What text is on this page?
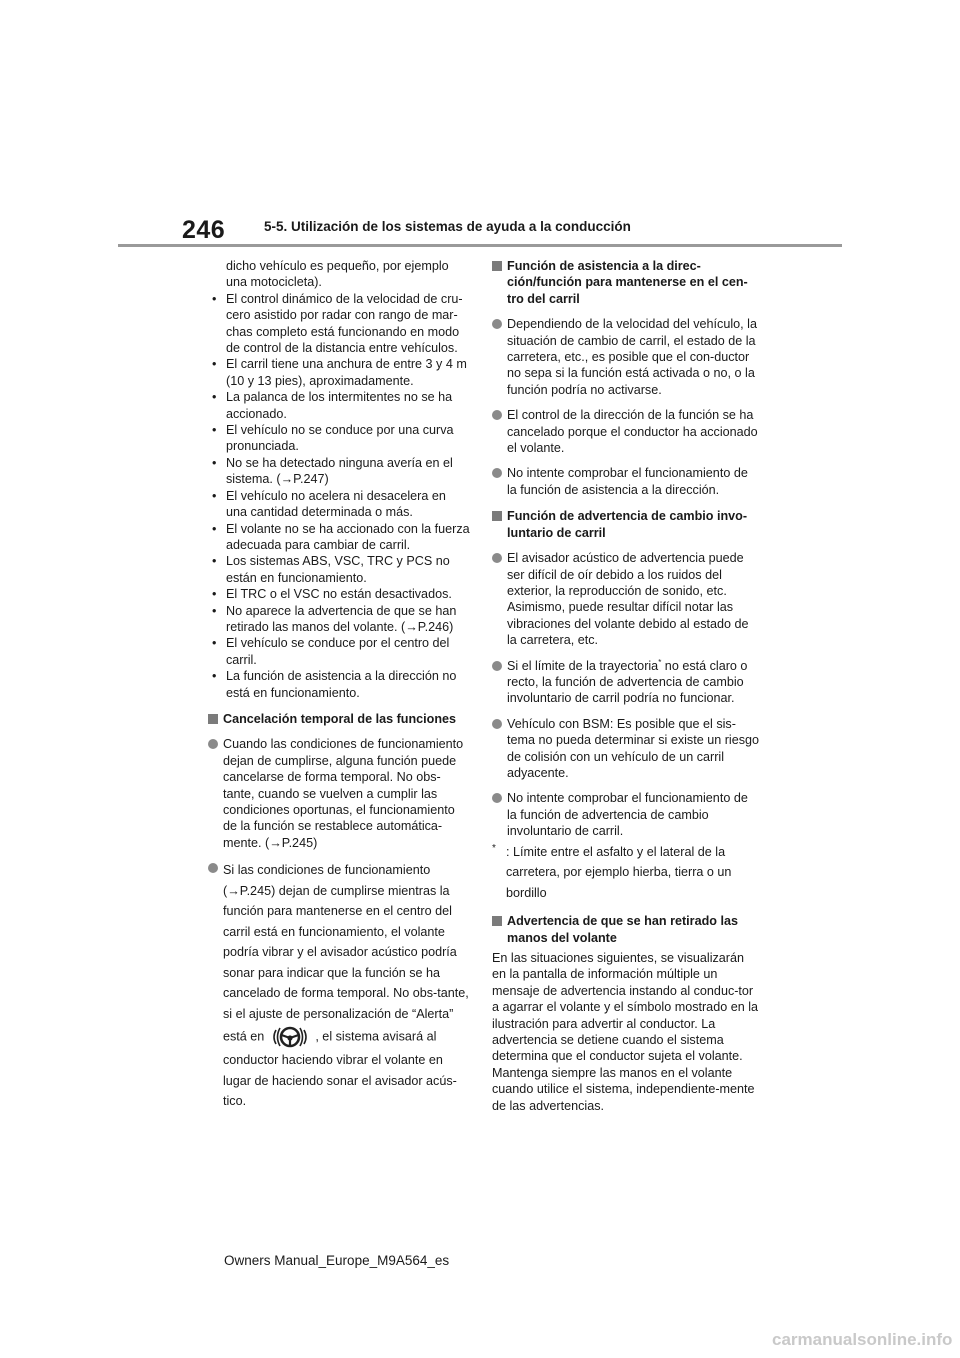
246	5-5. Utilización de los sistemas de ayuda a la conducción
dicho vehículo es pequeño, por ejemplo una motocicleta).
• El control dinámico de la velocidad de cru-cero asistido por radar con rango de mar-chas completo está funcionando en modo de control de la distancia entre vehículos.
• El carril tiene una anchura de entre 3 y 4 m (10 y 13 pies), aproximadamente.
• La palanca de los intermitentes no se ha accionado.
• El vehículo no se conduce por una curva pronunciada.
• No se ha detectado ninguna avería en el sistema. (→P.247)
• El vehículo no acelera ni desacelera en una cantidad determinada o más.
• El volante no se ha accionado con la fuerza adecuada para cambiar de carril.
• Los sistemas ABS, VSC, TRC y PCS no están en funcionamiento.
• El TRC o el VSC no están desactivados.
• No aparece la advertencia de que se han retirado las manos del volante. (→P.246)
• El vehículo se conduce por el centro del carril.
• La función de asistencia a la dirección no está en funcionamiento.
Cancelación temporal de las funciones
Cuando las condiciones de funcionamiento dejan de cumplirse, alguna función puede cancelarse de forma temporal. No obs-tante, cuando se vuelven a cumplir las condiciones oportunas, el funcionamiento de la función se restablece automática-mente. (→P.245)
Si las condiciones de funcionamiento (→P.245) dejan de cumplirse mientras la función para mantenerse en el centro del carril está en funcionamiento, el volante podría vibrar y el avisador acústico podría sonar para indicar que la función se ha cancelado de forma temporal. No obs-tante, si el ajuste de personalización de “Alerta” está en	, el sistema avisará al conductor haciendo vibrar el volante en lugar de haciendo sonar el avisador acús-tico.
Función de asistencia a la direc-ción/función para mantenerse en el cen-tro del carril
Dependiendo de la velocidad del vehículo, la situación de cambio de carril, el estado de la carretera, etc., es posible que el con-ductor no sepa si la función está activada o no, o la función podría no activarse.
El control de la dirección de la función se ha cancelado porque el conductor ha accionado el volante.
No intente comprobar el funcionamiento de la función de asistencia a la dirección.
Función de advertencia de cambio invo-luntario de carril
El avisador acústico de advertencia puede ser difícil de oír debido a los ruidos del exterior, la reproducción de sonido, etc. Asimismo, puede resultar difícil notar las vibraciones del volante debido al estado de la carretera, etc.
Si el límite de la trayectoria* no está claro o recto, la función de advertencia de cambio involuntario de carril podría no funcionar.
Vehículo con BSM: Es posible que el sis-tema no pueda determinar si existe un riesgo de colisión con un vehículo de un carril adyacente.
No intente comprobar el funcionamiento de la función de advertencia de cambio involuntario de carril.
* : Límite entre el asfalto y el lateral de la carretera, por ejemplo hierba, tierra o un bordillo
Advertencia de que se han retirado las manos del volante
En las situaciones siguientes, se visualizarán en la pantalla de información múltiple un mensaje de advertencia instando al conduc-tor a agarrar el volante y el símbolo mostrado en la ilustración para advertir al conductor. La advertencia se detiene cuando el sistema determina que el conductor sujeta el volante. Mantenga siempre las manos en el volante cuando utilice el sistema, independiente-mente de las advertencias.
Owners Manual_Europe_M9A564_es
carmanualsonline.info
